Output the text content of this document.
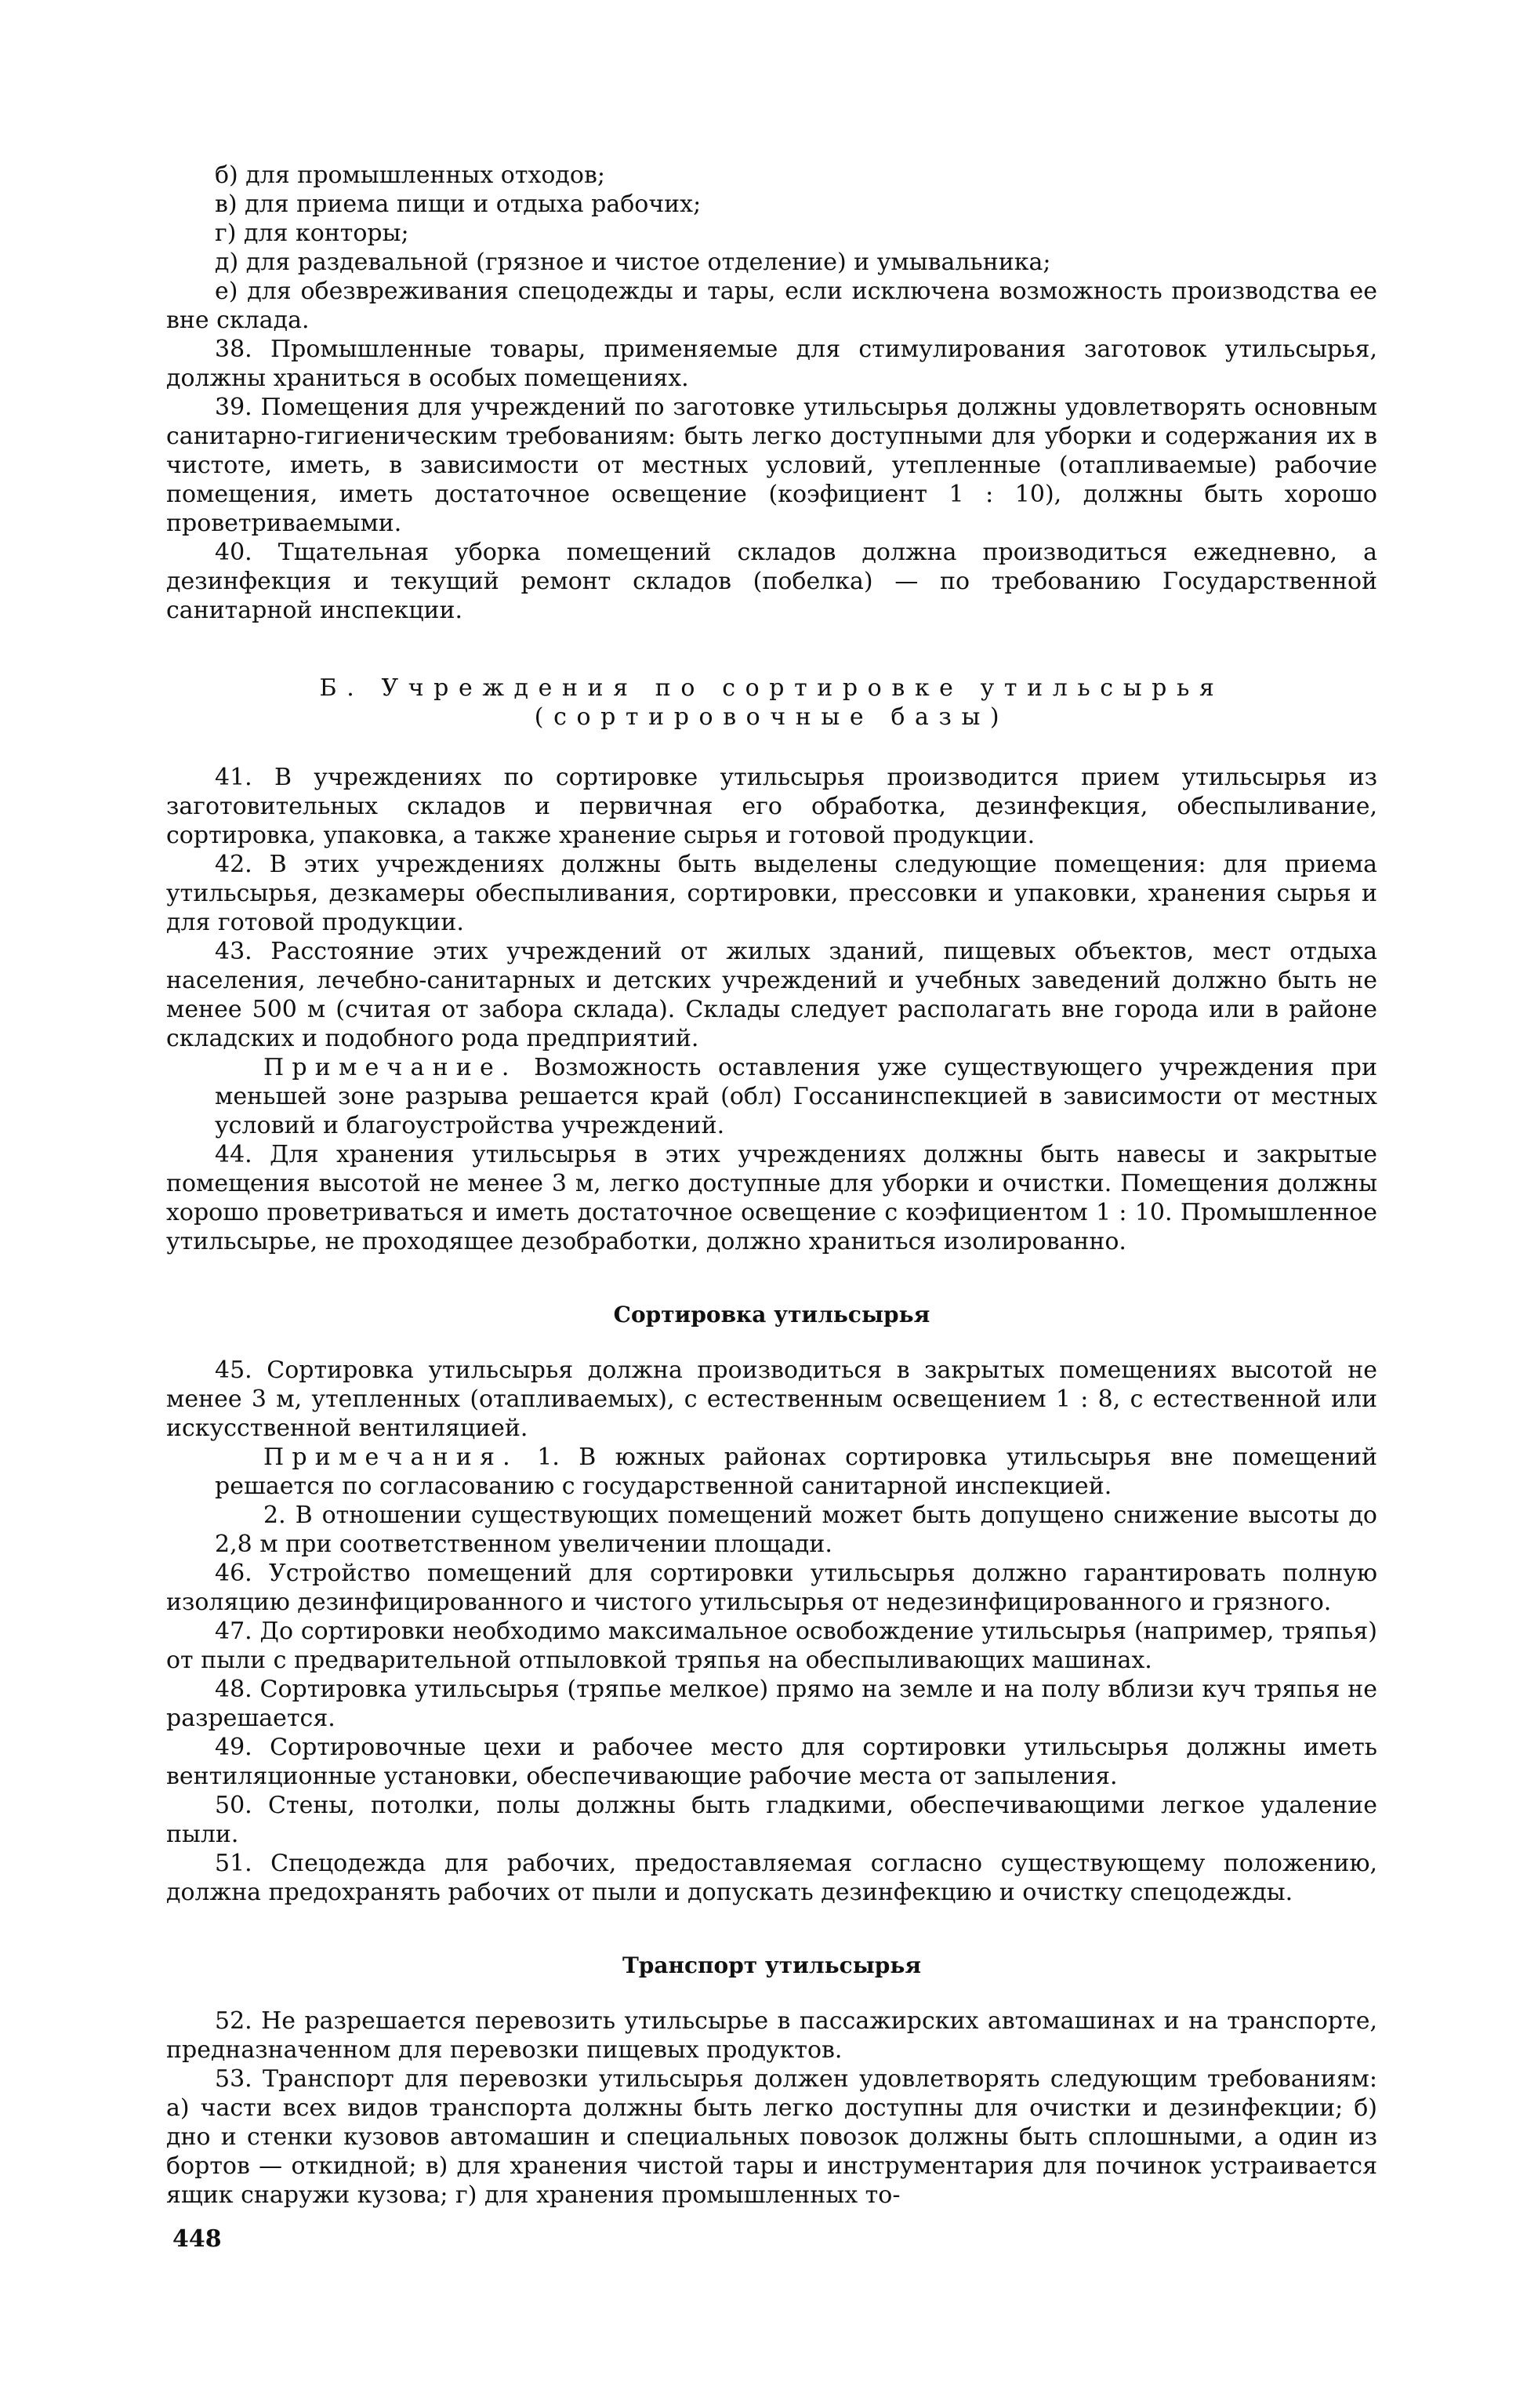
б) для промышленных отходов;

в) для приема пищи и отдыха рабочих;

г) для конторы;

д) для раздевальной (грязное и чистое отделение) и умывальника;

е) для обезвреживания спецодежды и тары, если исключена возможность производства ее вне склада.

38. Промышленные товары, применяемые для стимулирования заготовок утильсырья, должны храниться в особых помещениях.

39. Помещения для учреждений по заготовке утильсырья должны удовлетворять основным санитарно-гигиеническим требованиям: быть легко доступными для уборки и содержания их в чистоте, иметь, в зависимости от местных условий, утепленные (отапливаемые) рабочие помещения, иметь достаточное освещение (коэфициент 1 : 10), должны быть хорошо проветриваемыми.

40. Тщательная уборка помещений складов должна производиться ежедневно, а дезинфекция и текущий ремонт складов (побелка) — по требованию Государственной санитарной инспекции.

Б. Учреждения по сортировке утильсырья
(сортировочные базы)

41. В учреждениях по сортировке утильсырья производится прием утильсырья из заготовительных складов и первичная его обработка, дезинфекция, обеспыливание, сортировка, упаковка, а также хранение сырья и готовой продукции.

42. В этих учреждениях должны быть выделены следующие помещения: для приема утильсырья, дезкамеры обеспыливания, сортировки, прессовки и упаковки, хранения сырья и для готовой продукции.

43. Расстояние этих учреждений от жилых зданий, пищевых объектов, мест отдыха населения, лечебно-санитарных и детских учреждений и учебных заведений должно быть не менее 500 м (считая от забора склада). Склады следует располагать вне города или в районе складских и подобного рода предприятий.

Примечание. Возможность оставления уже существующего учреждения при меньшей зоне разрыва решается край (обл) Госсанинспекцией в зависимости от местных условий и благоустройства учреждений.

44. Для хранения утильсырья в этих учреждениях должны быть навесы и закрытые помещения высотой не менее 3 м, легко доступные для уборки и очистки. Помещения должны хорошо проветриваться и иметь достаточное освещение с коэфициентом 1 : 10. Промышленное утильсырье, не проходящее дезобработки, должно храниться изолированно.

Сортировка утильсырья

45. Сортировка утильсырья должна производиться в закрытых помещениях высотой не менее 3 м, утепленных (отапливаемых), с естественным освещением 1 : 8, с естественной или искусственной вентиляцией.

Примечания. 1. В южных районах сортировка утильсырья вне помещений решается по согласованию с государственной санитарной инспекцией.

2. В отношении существующих помещений может быть допущено снижение высоты до 2,8 м при соответственном увеличении площади.

46. Устройство помещений для сортировки утильсырья должно гарантировать полную изоляцию дезинфицированного и чистого утильсырья от недезинфицированного и грязного.

47. До сортировки необходимо максимальное освобождение утильсырья (например, тряпья) от пыли с предварительной отпыловкой тряпья на обеспыливающих машинах.

48. Сортировка утильсырья (тряпье мелкое) прямо на земле и на полу вблизи куч тряпья не разрешается.

49. Сортировочные цехи и рабочее место для сортировки утильсырья должны иметь вентиляционные установки, обеспечивающие рабочие места от запыления.

50. Стены, потолки, полы должны быть гладкими, обеспечивающими легкое удаление пыли.

51. Спецодежда для рабочих, предоставляемая согласно существующему положению, должна предохранять рабочих от пыли и допускать дезинфекцию и очистку спецодежды.

Транспорт утильсырья

52. Не разрешается перевозить утильсырье в пассажирских автомашинах и на транспорте, предназначенном для перевозки пищевых продуктов.

53. Транспорт для перевозки утильсырья должен удовлетворять следующим требованиям: а) части всех видов транспорта должны быть легко доступны для очистки и дезинфекции; б) дно и стенки кузовов автомашин и специальных повозок должны быть сплошными, а один из бортов — откидной; в) для хранения чистой тары и инструментария для починок устраивается ящик снаружи кузова; г) для хранения промышленных то-

448
